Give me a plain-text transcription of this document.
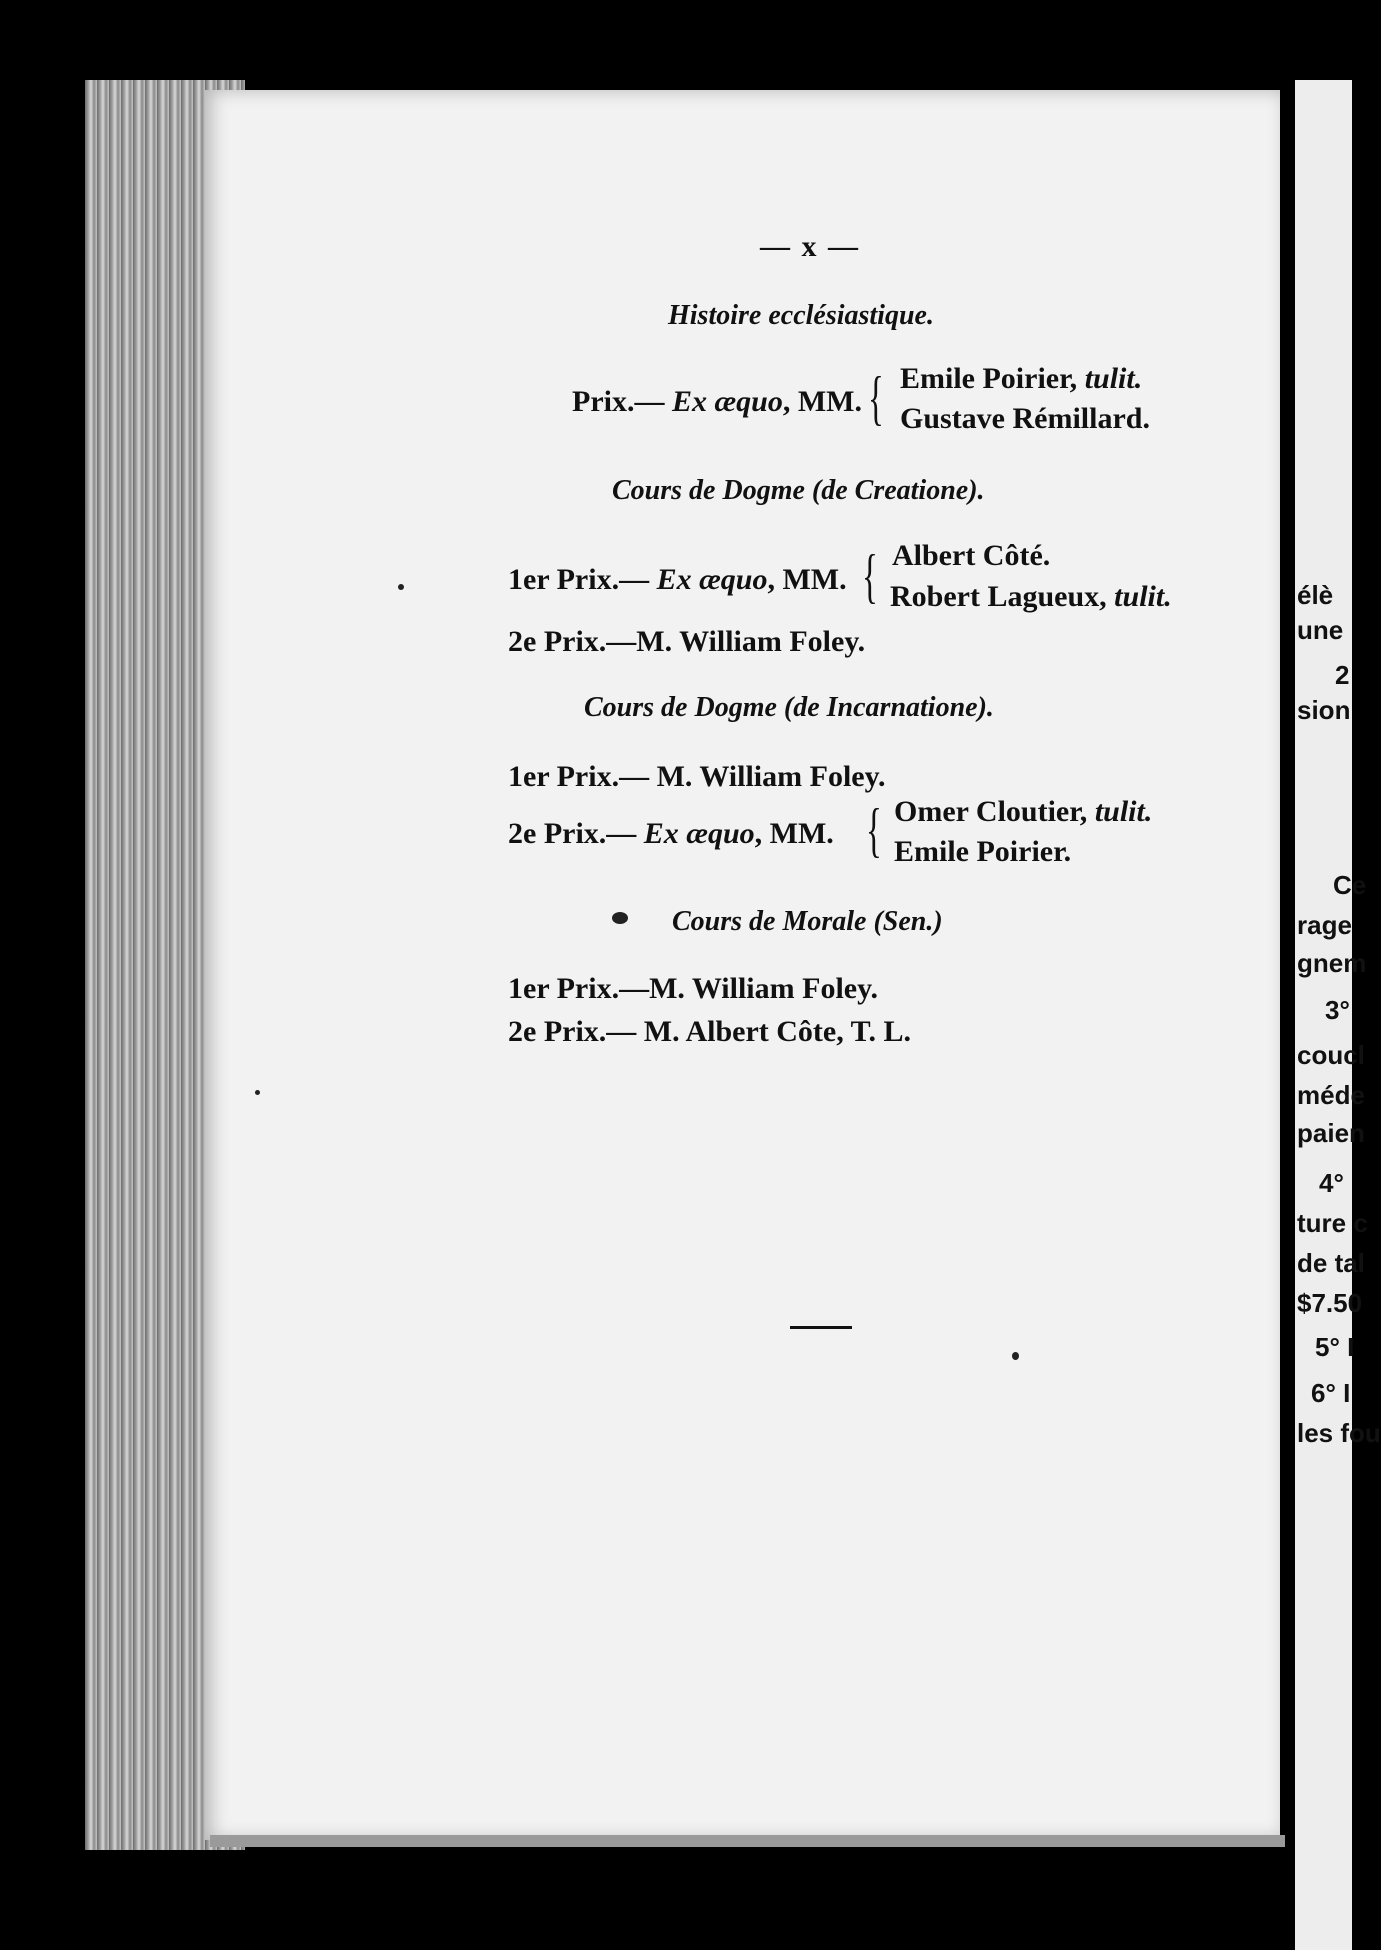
élè
une
2
sion
Ce
rage
gnem
3°
coucl
méde
paien
4°
ture c
de tal
$7.50
5° I
6° I
les fou
— x —
Histoire ecclésiastique.
Prix.— Ex æquo, MM. { Emile Poirier, tulit.
Gustave Rémillard.
Cours de Dogme (de Creatione).
1er Prix.— Ex æquo, MM. { Albert Côté.
Robert Lagueux, tulit.
2e Prix.—M. William Foley.
Cours de Dogme (de Incarnatione).
1er Prix.— M. William Foley.
2e Prix.— Ex æquo, MM. { Omer Cloutier, tulit.
Emile Poirier.
Cours de Morale (Sen.)
1er Prix.—M. William Foley.
2e Prix.— M. Albert Côte, T. L.
